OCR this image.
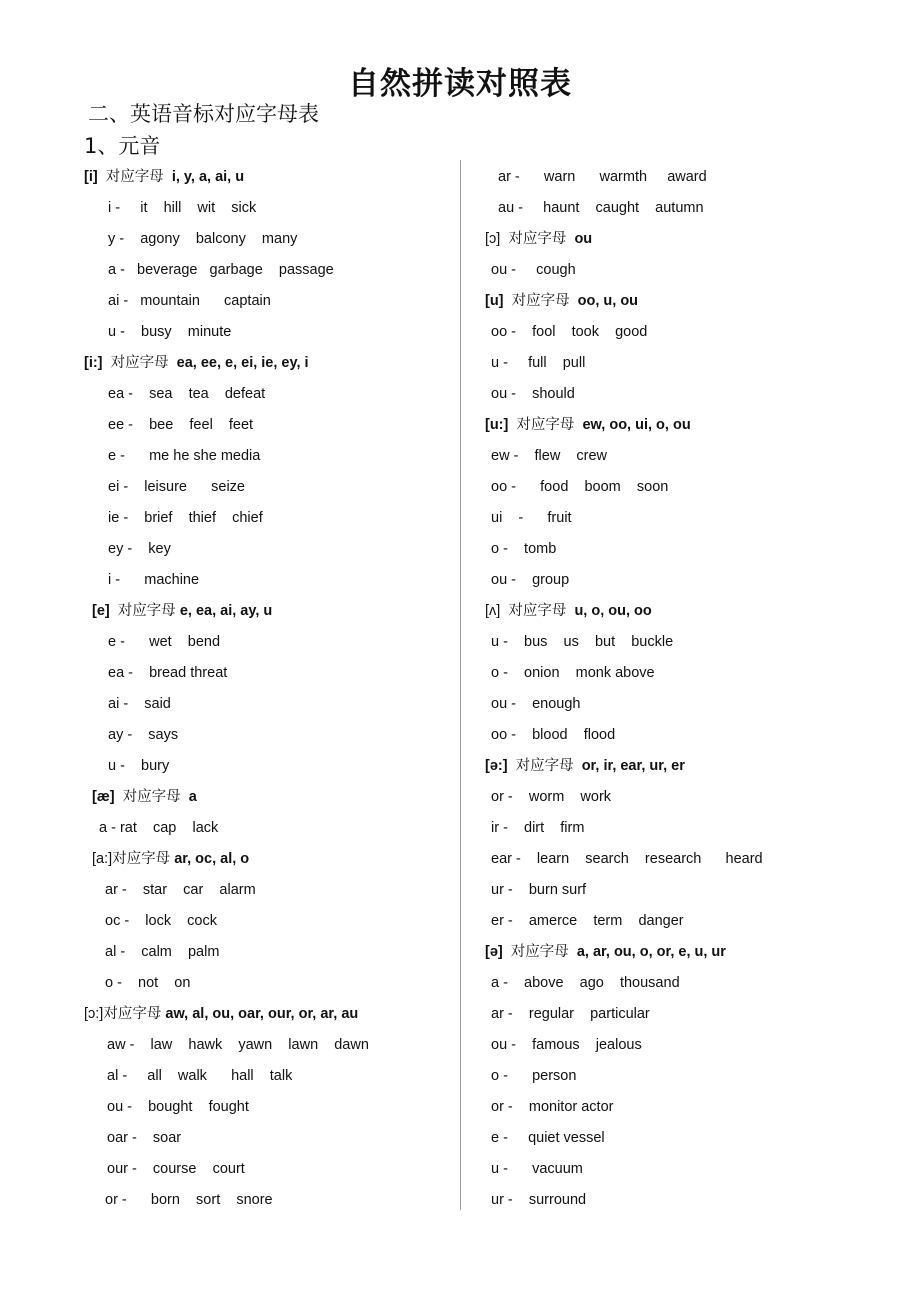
自然拼读对照表
二、英语音标对应字母表
1、元音
[i] 对应字母 i, y, a, ai, u
i -     it    hill    wit    sick
y -    agony    balcony    many
a -   beverage   garbage    passage
ai -   mountain      captain
u -    busy    minute
[i:] 对应字母 ea, ee, e, ei, ie, ey, i
ea -    sea    tea    defeat
ee -    bee    feel    feet
e -      me he she media
ei -    leisure      seize
ie -    brief    thief    chief
ey -    key
i -      machine
[e] 对应字母 e, ea, ai, ay, u
e -      wet    bend
ea -    bread threat
ai -    said
ay -    says
u -    bury
[æ] 对应字母 a
a - rat    cap    lack
[a:]对应字母 ar, oc, al, o
ar -    star    car    alarm
oc -    lock    cock
al -    calm    palm
o -    not    on
[ɔ:]对应字母 aw, al, ou, oar, our, or, ar, au
aw -    law    hawk    yawn    lawn    dawn
al -     all    walk      hall    talk
ou -    bought    fought
oar -    soar
our -    course    court
or -      born    sort    snore
ar -      warn      warmth     award
au -     haunt    caught    autumn
[ɔ] 对应字母 ou
ou -     cough
[u] 对应字母 oo, u, ou
oo -    fool    took    good
u -     full    pull
ou -    should
[u:] 对应字母 ew, oo, ui, o, ou
ew -    flew    crew
oo -      food    boom    soon
ui    -      fruit
o -    tomb
ou -    group
[ʌ] 对应字母 u, o, ou, oo
u -    bus    us    but    buckle
o -    onion    monk above
ou -    enough
oo -    blood    flood
[ə:] 对应字母 or, ir, ear, ur, er
or -    worm    work
ir -    dirt    firm
ear -    learn    search    research      heard
ur -    burn surf
er -    amerce    term    danger
[ə] 对应字母 a, ar, ou, o, or, e, u, ur
a -    above    ago    thousand
ar -    regular    particular
ou -    famous    jealous
o -      person
or -    monitor actor
e -     quiet vessel
u -      vacuum
ur -    surround
